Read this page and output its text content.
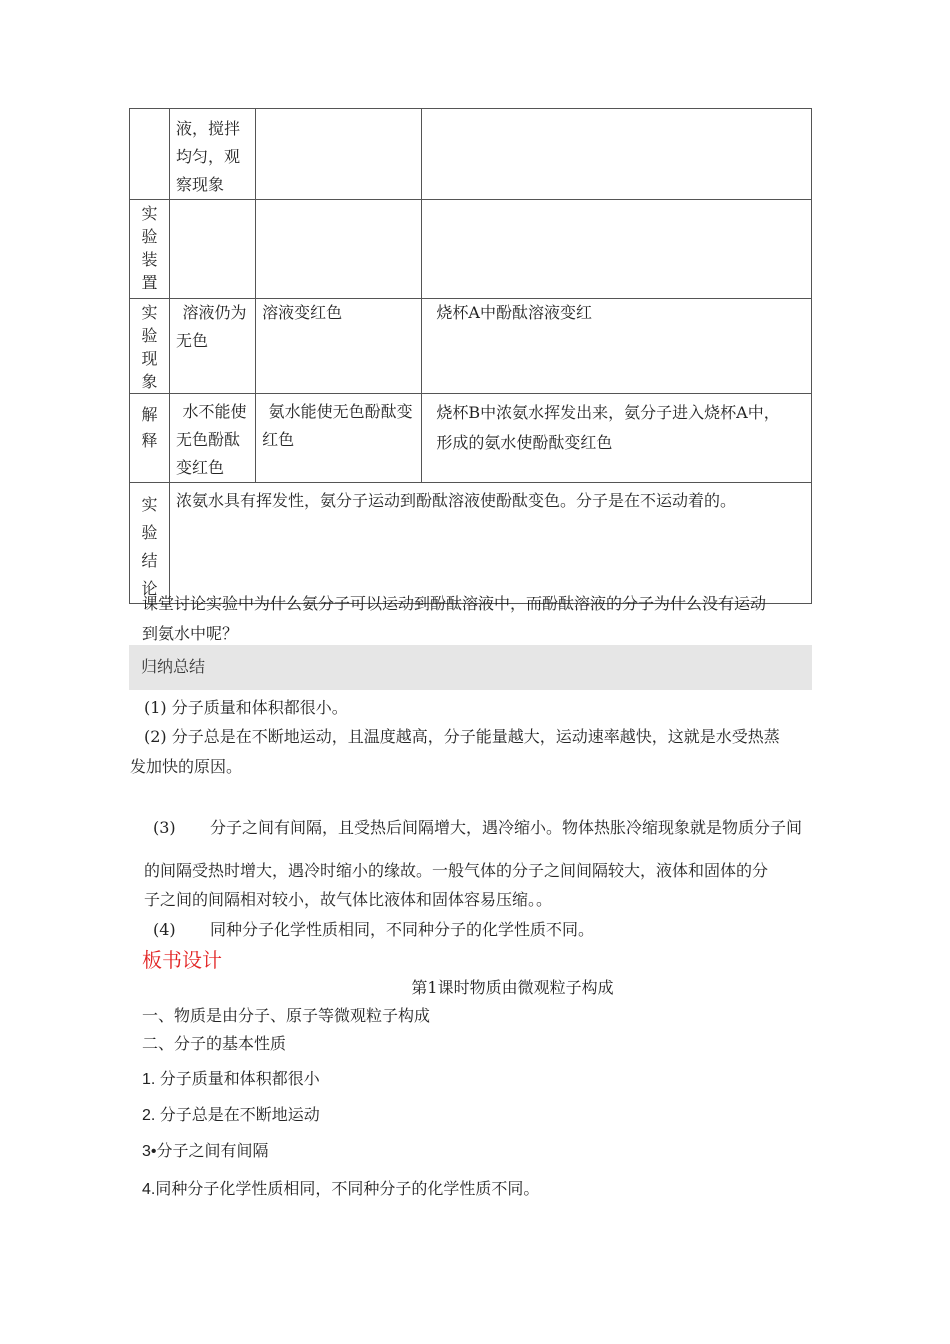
	液，搅拌均匀，观察现象		

实验装置			

实验现象	溶液仍为无色	溶液变红色	烧杯A中酚酞溶液变红

解释	水不能使无色酚酞变红色	氨水能使无色酚酞变红色	烧杯B中浓氨水挥发出来，氨分子进入烧杯A中，形成的氨水使酚酞变红色

实验结论	浓氨水具有挥发性，氨分子运动到酚酞溶液使酚酞变色。分子是在不运动着的。		
课堂讨论实验中为什么氨分子可以运动到酚酞溶液中，而酚酞溶液的分子为什么没有运动
到氨水中呢？
归纳总结
(1) 分子质量和体积都很小。
(2) 分子总是在不断地运动，且温度越高，分子能量越大，运动速率越快，这就是水受热蒸
发加快的原因。
(3) 分子之间有间隔，且受热后间隔增大，遇冷缩小。物体热胀冷缩现象就是物质分子间
的间隔受热时增大，遇冷时缩小的缘故。一般气体的分子之间间隔较大，液体和固体的分
子之间的间隔相对较小，故气体比液体和固体容易压缩。。
(4) 同种分子化学性质相同，不同种分子的化学性质不同。
板书设计
第1课时物质由微观粒子构成
一、物质是由分子、原子等微观粒子构成
二、分子的基本性质
1. 分子质量和体积都很小
2. 分子总是在不断地运动
3•分子之间有间隔
4.同种分子化学性质相同，不同种分子的化学性质不同。
